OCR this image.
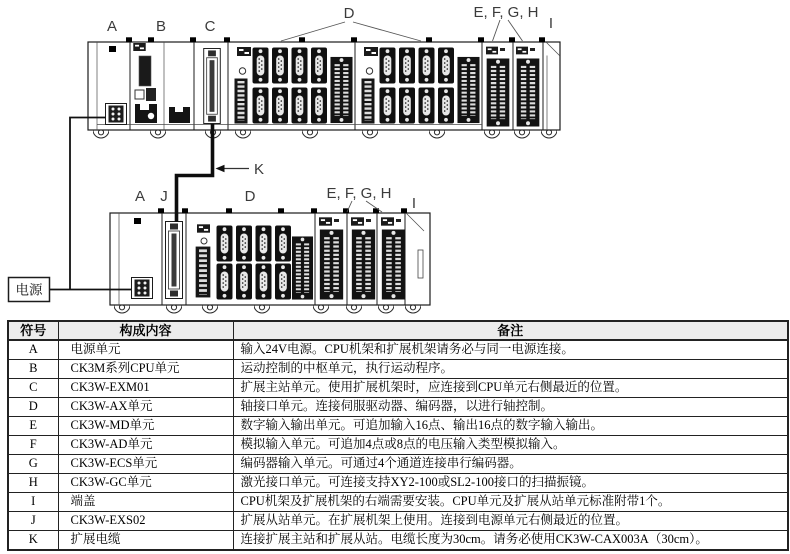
K
电源
A	B	C
D	E, F, G, H
I
A J	D	E, F, G, H
I
符号	构成内容	备注
A	电源单元	输入24V电源。CPU机架和扩展机架请务必与同一电源连接。
B	CK3M系列CPU单元	运动控制的中枢单元，执行运动程序。
C	CK3W-EXM01	扩展主站单元。使用扩展机架时，应连接到CPU单元右侧最近的位置。
D	CK3W-AX单元	轴接口单元。连接伺服驱动器、编码器，以进行轴控制。
E	CK3W-MD单元	数字输入输出单元。可追加输入16点、输出16点的数字输入输出。
F	CK3W-AD单元	模拟输入单元。可追加4点或8点的电压输入类型模拟输入。
G	CK3W-ECS单元	编码器输入单元。可通过4个通道连接串行编码器。
H	CK3W-GC单元	激光接口单元。可连接支持XY2-100或SL2-100接口的扫描振镜。
I	端盖	CPU机架及扩展机架的右端需要安装。CPU单元及扩展从站单元标准附带1个。
J	CK3W-EXS02	扩展从站单元。在扩展机架上使用。连接到电源单元右侧最近的位置。
K	扩展电缆	连接扩展主站和扩展从站。电缆长度为30cm。请务必使用CK3W-CAX003A（30cm）。
